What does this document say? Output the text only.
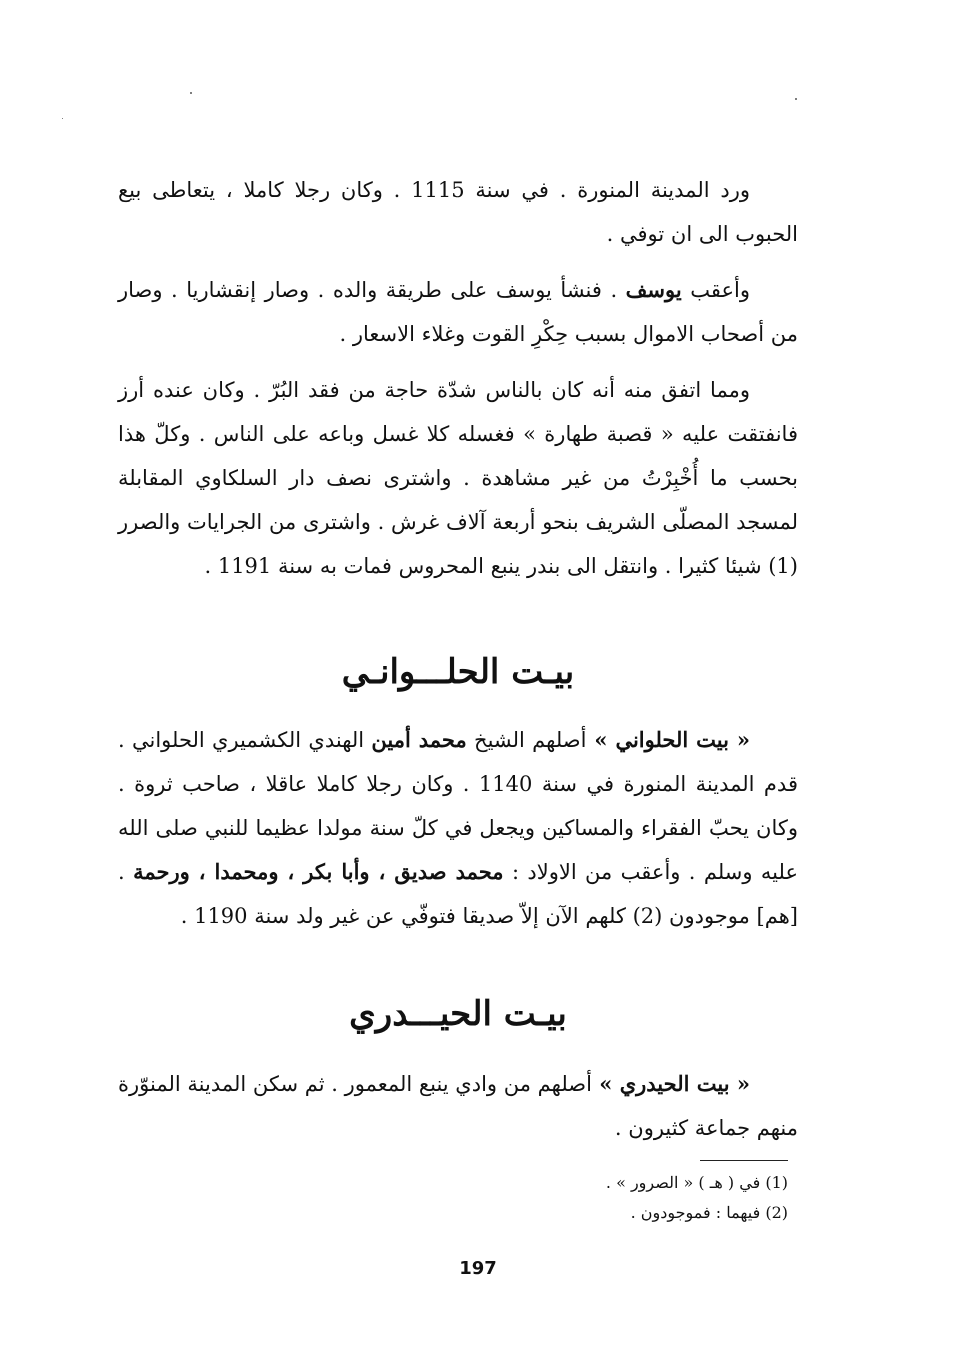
ورد المدينة المنورة . في سنة 1115 . وكان رجلا كاملا ، يتعاطى بيع الحبوب الى ان توفي .

وأعقب يوسف . فنشأ يوسف على طريقة والده . وصار إنقشاريا . وصار من أصحاب الاموال بسبب حِكْرِ القوت وغلاء الاسعار .

ومما اتفق منه أنه كان بالناس شدّة حاجة من فقد البُرّ . وكان عنده أرز فانفتقت عليه « قصبة طهارة » فغسله كلا غسل وباعه على الناس . وكلّ هذا بحسب ما أُخْبِرْتُ من غير مشاهدة . واشترى نصف دار السلكاوي المقابلة لمسجد المصلّى الشريف بنحو أربعة آلاف غرش . واشترى من الجرايات والصرر (1) شيئا كثيرا . وانتقل الى بندر ينبع المحروس فمات به سنة 1191 .

بيـت الحلـــوانـي

« بيت الحلواني » أصلهم الشيخ محمد أمين الهندي الكشميري الحلواني . قدم المدينة المنورة في سنة 1140 . وكان رجلا كاملا عاقلا ، صاحب ثروة . وكان يحبّ الفقراء والمساكين ويجعل في كلّ سنة مولدا عظيما للنبي صلى الله عليه وسلم . وأعقب من الاولاد : محمد صديق ، وأبا بكر ، ومحمدا ، ورحمة . [هم] موجودون (2) كلهم الآن إلاّ صديقا فتوفّي عن غير ولد سنة 1190 .

بيـت الحيـــدري

« بيت الحيدري » أصلهم من وادي ينبع المعمور . ثم سكن المدينة المنوّرة منهم جماعة كثيرون .

(1) في ( هـ ) « الصرور » .
(2) فيهما : فموجودون .
197
